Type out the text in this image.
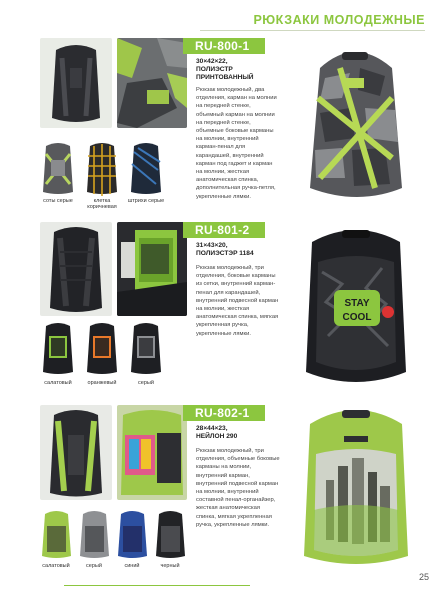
РЮКЗАКИ МОЛОДЕЖНЫЕ
соты серые	клетка коричневая
штрихи серые
RU-800-1
30×42×22,
ПОЛИЭСТР
ПРИНТОВАННЫЙ
Рюкзак молодежный, два отделения, карман на молнии на передней стенке, объемный карман на молнии на передней стенке, объемные боковые карманы на молнии, внутренний карман-пенал для карандашей, внутренний карман под гаджет и карман на молнии, жесткая анатомическая спинка, дополнительная ручка-петля, укрепленные лямки.
салатовый	оранжевый	серый
RU-801-2
31×43×20,
ПОЛИЭСТЭР 1184
Рюкзак молодежный, три отделения, боковые карманы из сетки, внутренний карман-пенал для карандашей, внутренний подвесной карман на молнии, жесткая анатомическая спинка, мягкая укрепленная ручка, укрепленные лямки.
STAY
COOL
салатовый	серый	синий	черный
RU-802-1
28×44×23,
НЕЙЛОН 290
Рюкзак молодежный, три отделения, объемные боковые карманы на молнии, внутренний карман, внутренний подвесной карман на молнии, внутренний составной пенал-органайзер, жесткая анатомическая спинка, мягкая укрепленная ручка, укрепленные лямки.
25
